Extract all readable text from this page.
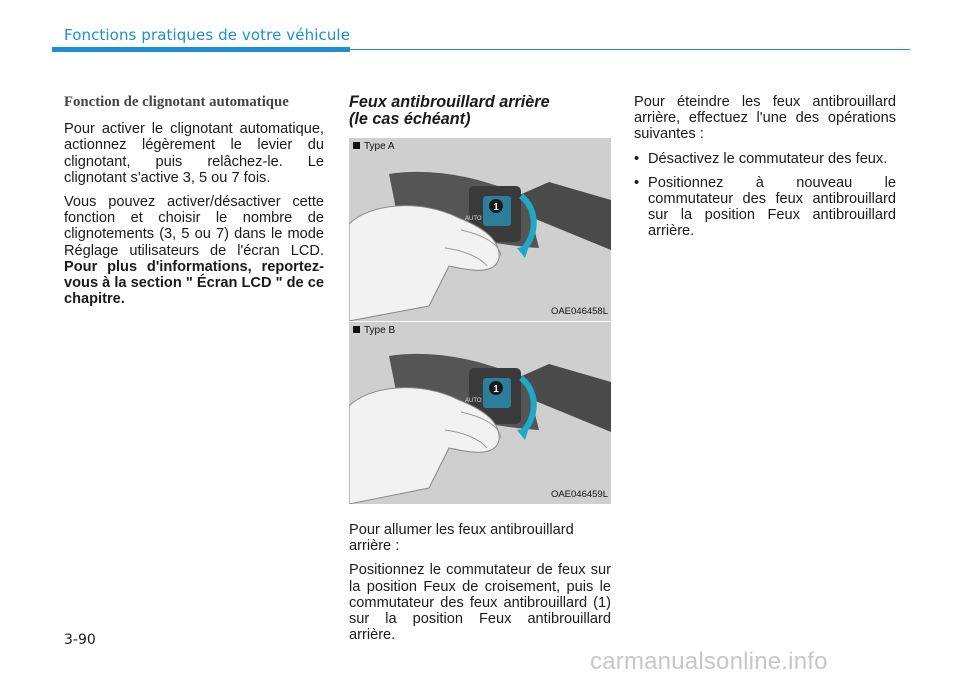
Fonctions pratiques de votre véhicule
Fonction de clignotant automatique

Pour activer le clignotant automatique, actionnez légèrement le levier du clignotant, puis relâchez-le. Le clignotant s'active 3, 5 ou 7 fois.

Vous pouvez activer/désactiver cette fonction et choisir le nombre de clignotements (3, 5 ou 7) dans le mode Réglage utilisateurs de l'écran LCD. Pour plus d'informations, reportez-vous à la section " Écran LCD " de ce chapitre.

Feux antibrouillard arrière
(le cas échéant)
1
AUTO
Type A
OAE046458L
1
AUTO
Type B
OAE046459L

Pour allumer les feux antibrouillard arrière :

Positionnez le commutateur de feux sur la position Feux de croisement, puis le commutateur des feux antibrouillard (1) sur la position Feux antibrouillard arrière.

Pour éteindre les feux antibrouillard arrière, effectuez l'une des opérations suivantes :

• Désactivez le commutateur des feux.
• Positionnez à nouveau le commutateur des feux antibrouillard sur la position Feux antibrouillard arrière.
3-90
carmanualsonline.info
